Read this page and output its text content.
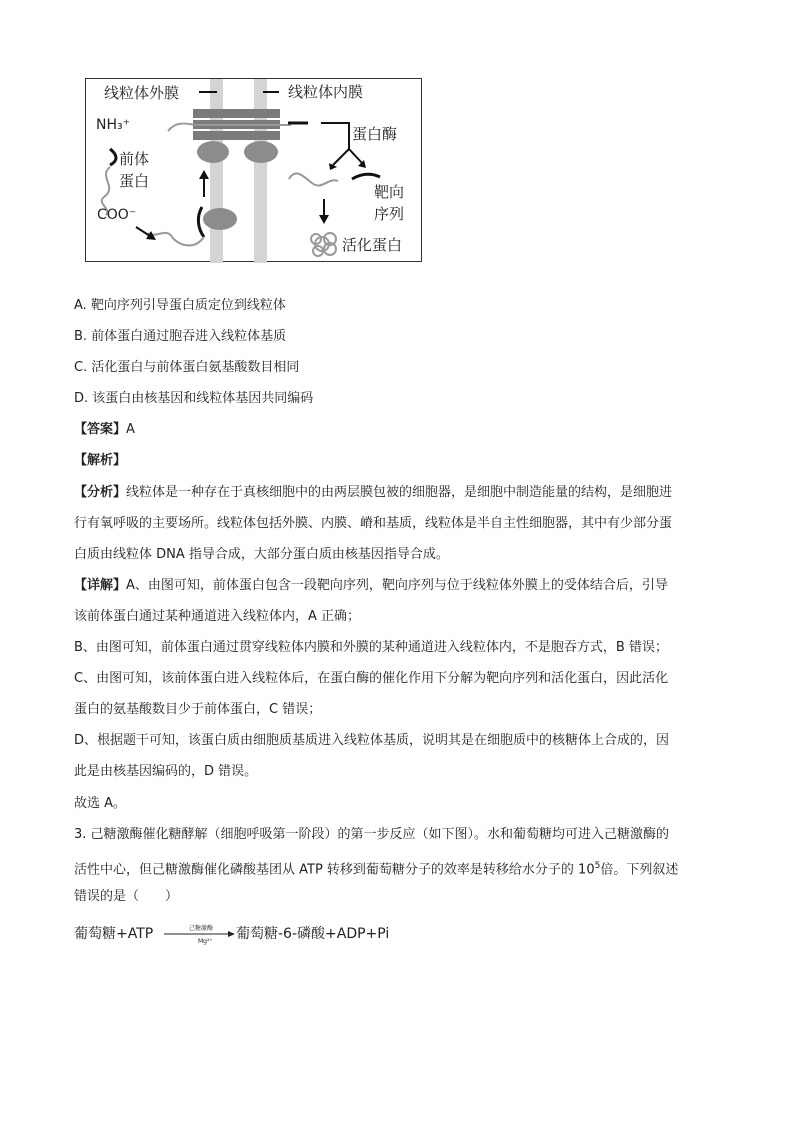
线粒体外膜	线粒体内膜
NH₃⁺
前体
蛋白
COO⁻
蛋白酶
靶向
序列
活化蛋白
A. 靶向序列引导蛋白质定位到线粒体
B. 前体蛋白通过胞吞进入线粒体基质
C. 活化蛋白与前体蛋白氨基酸数目相同
D. 该蛋白由核基因和线粒体基因共同编码
【答案】A
【解析】
【分析】线粒体是一种存在于真核细胞中的由两层膜包被的细胞器，是细胞中制造能量的结构，是细胞进
行有氧呼吸的主要场所。线粒体包括外膜、内膜、嵴和基质，线粒体是半自主性细胞器，其中有少部分蛋
白质由线粒体 DNA 指导合成，大部分蛋白质由核基因指导合成。
【详解】A、由图可知，前体蛋白包含一段靶向序列，靶向序列与位于线粒体外膜上的受体结合后，引导
该前体蛋白通过某种通道进入线粒体内，A 正确；
B、由图可知，前体蛋白通过贯穿线粒体内膜和外膜的某种通道进入线粒体内，不是胞吞方式，B 错误；
C、由图可知，该前体蛋白进入线粒体后，在蛋白酶的催化作用下分解为靶向序列和活化蛋白，因此活化
蛋白的氨基酸数目少于前体蛋白，C 错误；
D、根据题干可知，该蛋白质由细胞质基质进入线粒体基质，说明其是在细胞质中的核糖体上合成的，因
此是由核基因编码的，D 错误。
故选 A。
3. 己糖激酶催化糖酵解（细胞呼吸第一阶段）的第一步反应（如下图）。水和葡萄糖均可进入己糖激酶的
活性中心，但己糖激酶催化磷酸基团从 ATP 转移到葡萄糖分子的效率是转移给水分子的 $10^5$倍。下列叙述
错误的是（　　）
葡萄糖+ATP	己糖激酶
Mg²⁺ 葡萄糖-6-磷酸+ADP+Pi
